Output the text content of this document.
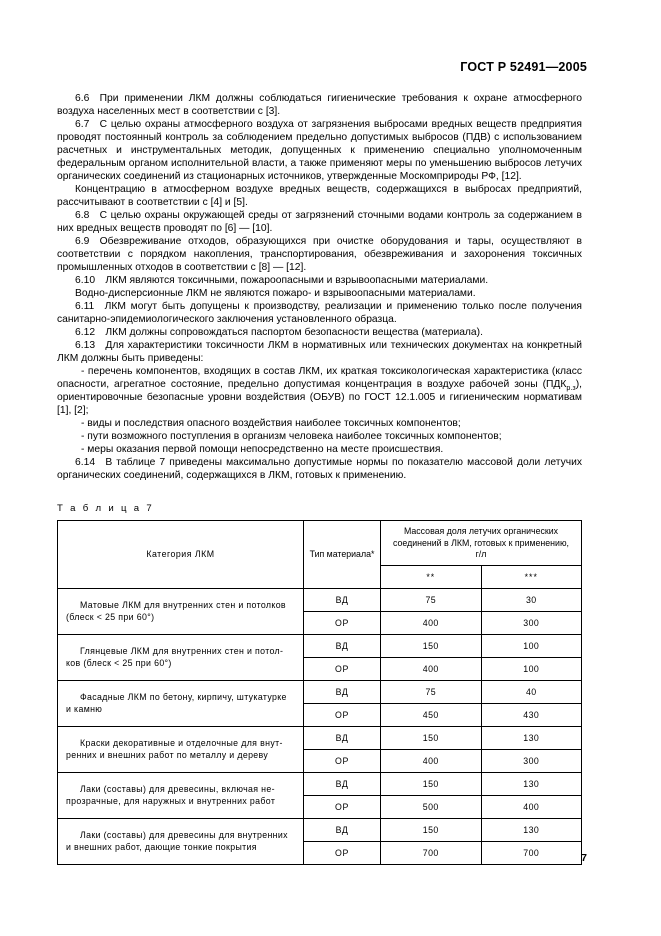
ГОСТ Р 52491—2005

6.6 При применении ЛКМ должны соблюдаться гигиенические требования к охране атмосферного воздуха населенных мест в соответствии с [3].

6.7 С целью охраны атмосферного воздуха от загрязнения выбросами вредных веществ предприятия проводят постоянный контроль за соблюдением предельно допустимых выбросов (ПДВ) с использованием расчетных и инструментальных методик, допущенных к применению специально уполномоченным федеральным органом исполнительной власти, а также применяют меры по уменьшению выбросов летучих органических соединений из стационарных источников, утвержденные Москомприроды РФ, [12].

Концентрацию в атмосферном воздухе вредных веществ, содержащихся в выбросах предприятий, рассчитывают в соответствии с [4] и [5].

6.8 С целью охраны окружающей среды от загрязнений сточными водами контроль за содержанием в них вредных веществ проводят по [6] — [10].

6.9 Обезвреживание отходов, образующихся при очистке оборудования и тары, осуществляют в соответствии с порядком накопления, транспортирования, обезвреживания и захоронения токсичных промышленных отходов в соответствии с [8] — [12].

6.10 ЛКМ являются токсичными, пожароопасными и взрывоопасными материалами.

Водно-дисперсионные ЛКМ не являются пожаро- и взрывоопасными материалами.

6.11 ЛКМ могут быть допущены к производству, реализации и применению только после получения санитарно-эпидемиологического заключения установленного образца.

6.12 ЛКМ должны сопровождаться паспортом безопасности вещества (материала).

6.13 Для характеристики токсичности ЛКМ в нормативных или технических документах на конкретный ЛКМ должны быть приведены:

- перечень компонентов, входящих в состав ЛКМ, их краткая токсикологическая характеристика (класс опасности, агрегатное состояние, предельно допустимая концентрация в воздухе рабочей зоны $(ПДК_{р.з})$, ориентировочные безопасные уровни воздействия (ОБУВ) по ГОСТ 12.1.005 и гигиеническим нормативам [1], [2];

- виды и последствия опасного воздействия наиболее токсичных компонентов;

- пути возможного поступления в организм человека наиболее токсичных компонентов;

- меры оказания первой помощи непосредственно на месте происшествия.

6.14 В таблице 7 приведены максимально допустимые нормы по показателю массовой доли летучих органических соединений, содержащихся в ЛКМ, готовых к применению.

Т а б л и ц а 7
Категория ЛКМ	Тип материала*	Массовая доля летучих органических соединений в ЛКМ, готовых к применению, г/л	
		**	***

Матовые ЛКМ для внутренних стен и потолков
(блеск < 25 при 60°)	ВД	75	30
	ОР	400	300

Глянцевые ЛКМ для внутренних стен и потол-
ков (блеск < 25 при 60°)	ВД	150	100
	ОР	400	100

Фасадные ЛКМ по бетону, кирпичу, штукатурке
и камню	ВД	75	40
	ОР	450	430

Краски декоративные и отделочные для внут-
ренних и внешних работ по металлу и дереву	ВД	150	130
	ОР	400	300

Лаки (составы) для древесины, включая не-
прозрачные, для наружных и внутренних работ	ВД	150	130
	ОР	500	400

Лаки (составы) для древесины для внутренних
и внешних работ, дающие тонкие покрытия	ВД	150	130
	ОР	700	700	7
